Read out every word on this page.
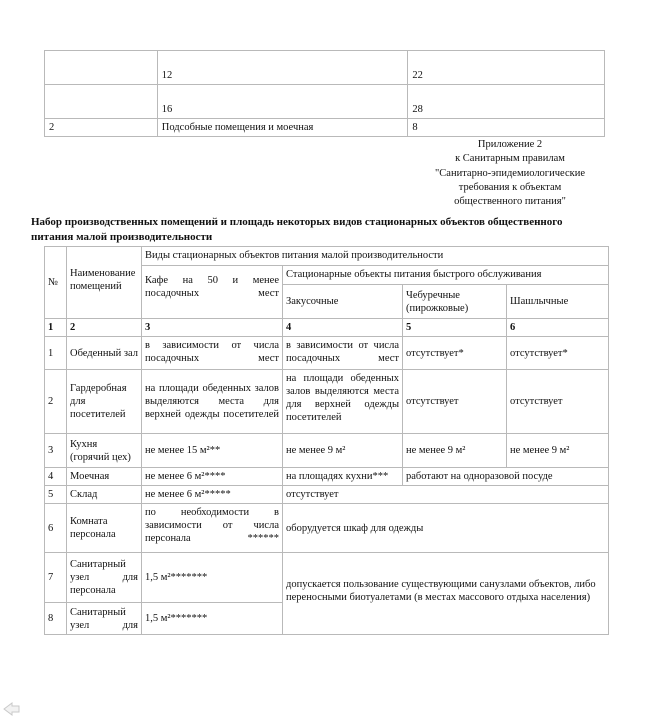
	12	22
	16	28
2	Подсобные помещения и моечная	8
Приложение 2
к Санитарным правилам
"Санитарно-эпидемиологические
требования к объектам
общественного питания"
Набор производственных помещений и площадь некоторых видов стационарных объектов общественного
питания малой производительности
№	Наименование помещений	Виды стационарных объектов питания малой производительности			
		Кафе на 50 и менее посадочных мест	Стационарные объекты питания быстрого обслуживания		
			Закусочные	Чебуречные (пирожковые)	Шашлычные
1	2	3	4	5	6
1	Обеденный зал	в зависимости от числа посадочных мест	в зависимости от числа посадочных мест	отсутствует*	отсутствует*
2	Гардеробная для посетителей	на площади обеденных залов выделяются места для верхней одежды посетителей	на площади обеденных залов выделяются места для верхней одежды посетителей	отсутствует	отсутствует
3	Кухня (горячий цех)	не менее 15 м²**	не менее 9 м²	не менее 9 м²	не менее 9 м²
4	Моечная	не менее 6 м²****	на площадях кухни***	работают на одноразовой посуде	
5	Склад	не менее 6 м²*****	отсутствует		
6	Комната персонала	по необходимости в зависимости от числа персонала ******	оборудуется шкаф для одежды		
7	Санитарный узел для персонала	1,5 м²*******	допускается пользование существующими санузлами объектов, либо переносными биотуалетами (в местах массового отдыха населения)		
8	Санитарный узел для	1,5 м²*******			
